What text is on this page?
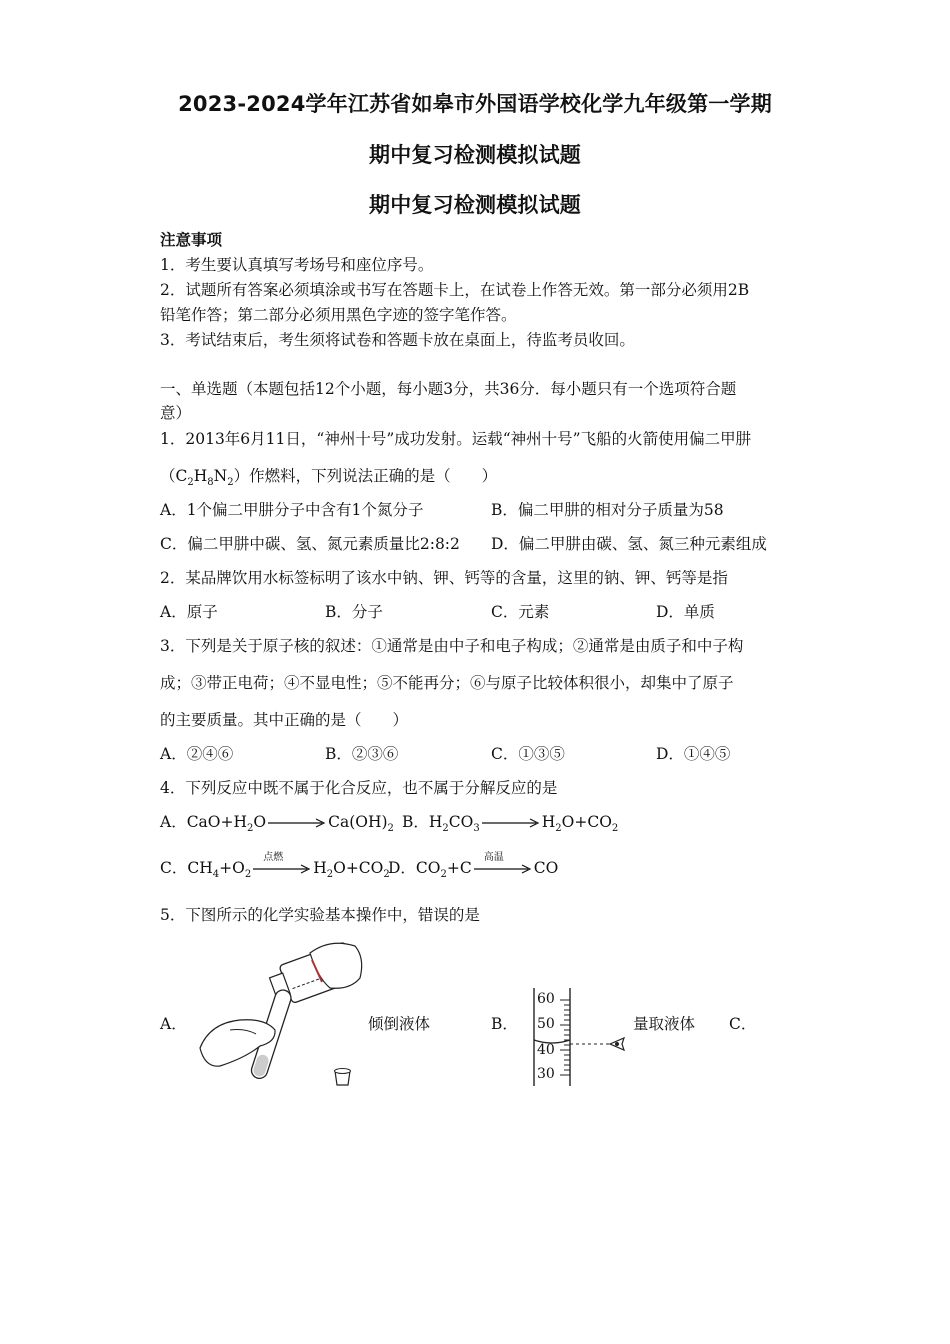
2023-2024学年江苏省如皋市外国语学校化学九年级第一学期
期中复习检测模拟试题
期中复习检测模拟试题
注意事项
1．考生要认真填写考场号和座位序号。
2．试题所有答案必须填涂或书写在答题卡上，在试卷上作答无效。第一部分必须用2B
铅笔作答；第二部分必须用黑色字迹的签字笔作答。
3．考试结束后，考生须将试卷和答题卡放在桌面上，待监考员收回。
一、单选题（本题包括12个小题，每小题3分，共36分．每小题只有一个选项符合题
意）
1．2013年6月11日，“神州十号”成功发射。运载“神州十号”飞船的火箭使用偏二甲肼
$(C_2H_8N_2)$作燃料，下列说法正确的是（　　）
A．1个偏二甲肼分子中含有1个氮分子	B．偏二甲肼的相对分子质量为58
C．偏二甲肼中碳、氢、氮元素质量比2:8:2 D．偏二甲肼由碳、氢、氮三种元素组成
2．某品牌饮用水标签标明了该水中钠、钾、钙等的含量，这里的钠、钾、钙等是指
A．原子	B．分子	C．元素	D．单质
3．下列是关于原子核的叙述：①通常是由中子和电子构成；②通常是由质子和中子构
成；③带正电荷；④不显电性；⑤不能再分；⑥与原子比较体积很小，却集中了原子
的主要质量。其中正确的是（　　）
A．②④⑥	B．②③⑥	C．①③⑤	D．①④⑤
4．下列反应中既不属于化合反应，也不属于分解反应的是
A．$CaO+H_2O \to Ca(OH)_2$ B．$H_2CO_3 \to H_2O+CO_2$
C．$CH_4+O_2$
点燃
$H_2O+CO_2$
D．$CO_2+C$
高温
CO
5．下图所示的化学实验基本操作中，错误的是
A．	倾倒液体	B．
60
50
40
30
量取液体 C．
